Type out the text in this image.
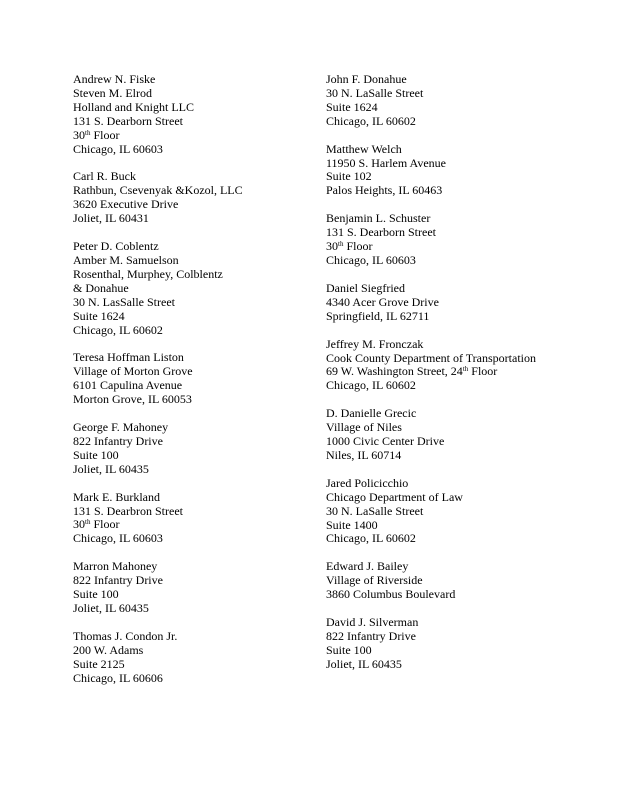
Andrew N. Fiske
Steven M. Elrod
Holland and Knight LLC
131 S. Dearborn Street
30th Floor
Chicago, IL 60603
Carl R. Buck
Rathbun, Csevenyak &Kozol, LLC
3620 Executive Drive
Joliet, IL 60431
Peter D. Coblentz
Amber M. Samuelson
Rosenthal, Murphey, Colblentz
& Donahue
30 N. LasSalle Street
Suite 1624
Chicago, IL 60602
Teresa Hoffman Liston
Village of Morton Grove
6101 Capulina Avenue
Morton Grove, IL 60053
George F. Mahoney
822 Infantry Drive
Suite 100
Joliet, IL 60435
Mark E. Burkland
131 S. Dearbron Street
30th Floor
Chicago, IL 60603
Marron Mahoney
822 Infantry Drive
Suite 100
Joliet, IL 60435
Thomas J. Condon Jr.
200 W. Adams
Suite 2125
Chicago, IL 60606
John F. Donahue
30 N. LaSalle Street
Suite 1624
Chicago, IL 60602
Matthew Welch
11950 S. Harlem Avenue
Suite 102
Palos Heights, IL 60463
Benjamin L. Schuster
131 S. Dearborn Street
30th Floor
Chicago, IL 60603
Daniel Siegfried
4340 Acer Grove Drive
Springfield, IL 62711
Jeffrey M. Fronczak
Cook County Department of Transportation
69 W. Washington Street, 24th Floor
Chicago, IL 60602
D. Danielle Grecic
Village of Niles
1000 Civic Center Drive
Niles, IL 60714
Jared Policicchio
Chicago Department of Law
30 N. LaSalle Street
Suite 1400
Chicago, IL 60602
Edward J. Bailey
Village of Riverside
3860 Columbus Boulevard
David J. Silverman
822 Infantry Drive
Suite 100
Joliet, IL 60435
